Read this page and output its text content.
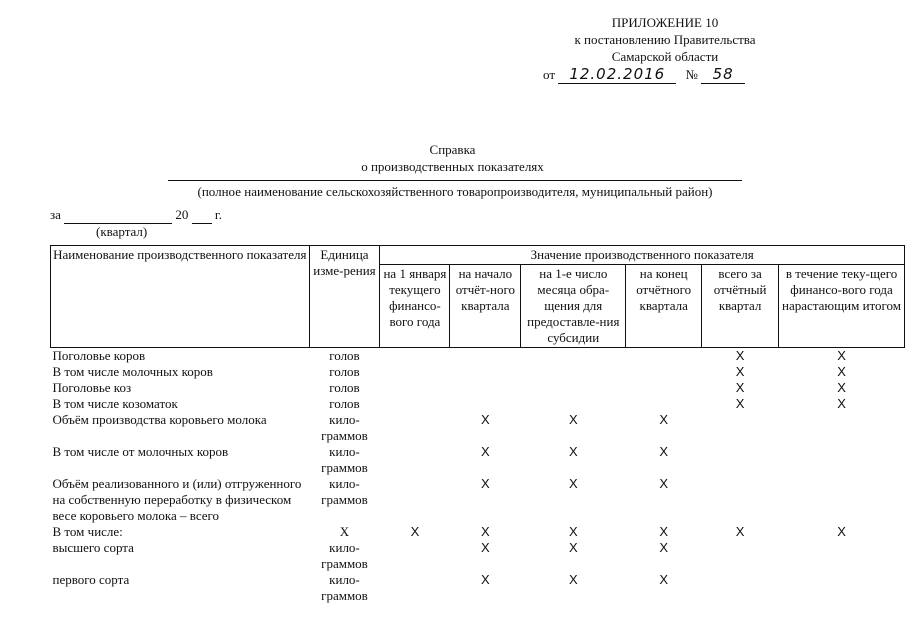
ПРИЛОЖЕНИЕ 10
к постановлению Правительства
Самарской области
от 12.02.2016 № 58
Справка
о производственных показателях
(полное наименование сельскохозяйственного товаропроизводителя, муниципальный район)
за	20 г.
(квартал)
Наименование производственного показателя	Единица изме-рения	Значение производственного показателя					
		на 1 января текущего финансо-вого года	на начало отчёт-ного квартала	на 1-е число месяца обра-щения для предоставле-ния субсидии	на конец отчётного квартала	всего за отчётный квартал	в течение теку-щего финансо-вого года нарастающим итогом
Поголовье коров	голов					X	X
В том числе молочных коров	голов					X	X
Поголовье коз	голов					X	X
В том числе козоматок	голов					X	X
Объём производства коровьего молока	кило-граммов		X	X	X		
В том числе от молочных коров	кило-граммов		X	X	X		
Объём реализованного и (или) отгруженного на собственную переработку в физическом весе коровьего молока – всего	кило-граммов		X	X	X		
В том числе:	X	X	X	X	X	X	X
высшего сорта	кило-граммов		X	X	X		
первого сорта	кило-граммов		X	X	X		
